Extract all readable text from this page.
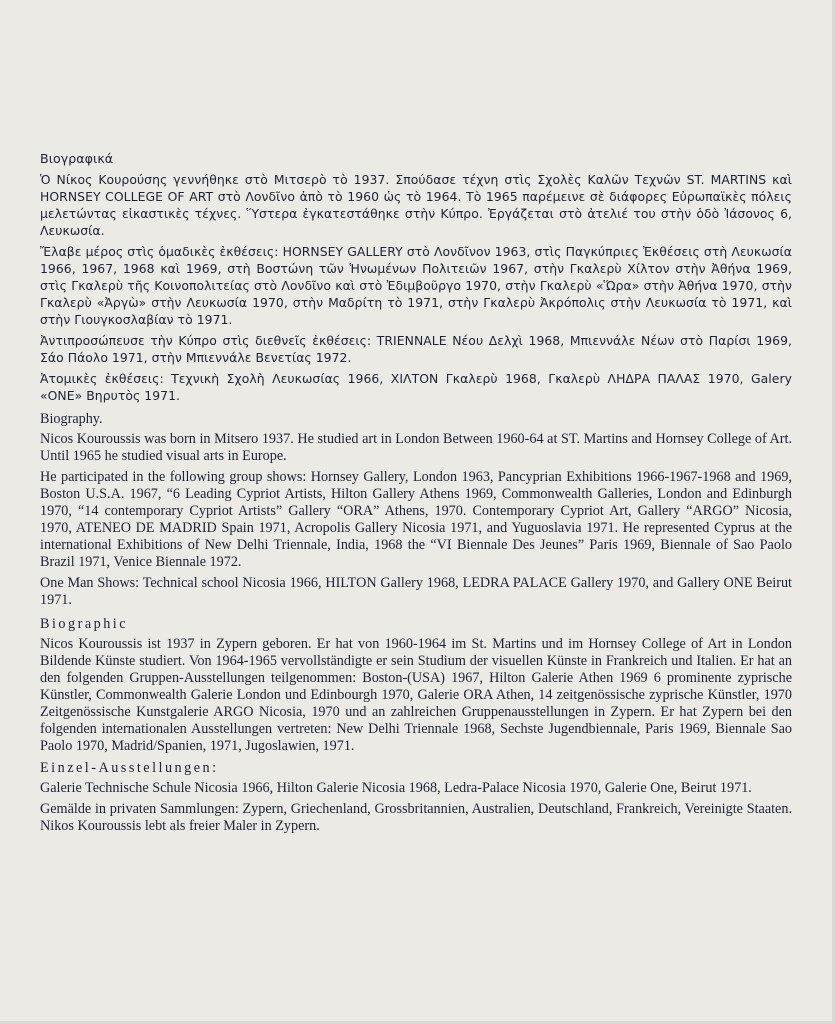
Βιογραφικά

Ὁ Νίκος Κουρούσης γεννήθηκε στὸ Μιτσερὸ τὸ 1937. Σπούδασε τέχνη στὶς Σχολὲς Καλῶν Τεχνῶν ST. MARTINS καὶ HORNSEY COLLEGE OF ART στὸ Λονδῖνο ἀπὸ τὸ 1960 ὡς τὸ 1964. Τὸ 1965 παρέμεινε σὲ διάφορες Εὐρωπαϊκὲς πόλεις μελετώντας εἰκαστικὲς τέχνες. Ὕστερα ἐγκατεστάθηκε στὴν Κύπρο. Ἐργάζεται στὸ ἀτελιέ του στὴν ὁδὸ Ἰάσονος 6, Λευκωσία.

Ἔλαβε μέρος στὶς ὁμαδικὲς ἐκθέσεις: HORNSEY GALLERY στὸ Λονδῖνον 1963, στὶς Παγκύπριες Ἐκθέσεις στὴ Λευκωσία 1966, 1967, 1968 καὶ 1969, στὴ Βοστώνη τῶν Ἡνωμένων Πολιτειῶν 1967, στὴν Γκαλερὺ Χίλτον στὴν Ἀθήνα 1969, στὶς Γκαλερὺ τῆς Κοινοπολιτείας στὸ Λονδῖνο καὶ στὸ Ἐδιμβοῦργο 1970, στὴν Γκαλερὺ «Ὥρα» στὴν Ἀθήνα 1970, στὴν Γκαλερὺ «Ἀργὼ» στὴν Λευκωσία 1970, στὴν Μαδρίτη τὸ 1971, στὴν Γκαλερὺ Ἀκρόπολις στὴν Λευκωσία τὸ 1971, καὶ στὴν Γιουγκοσλαβίαν τὸ 1971.

Ἀντιπροσώπευσε τὴν Κύπρο στὶς διεθνεῖς ἐκθέσεις: TRIENNALE Νέου Δελχὶ 1968, Μπιεννάλε Νέων στὸ Παρίσι 1969, Σάο Πάολο 1971, στὴν Μπιεννάλε Βενετίας 1972.

Ἀτομικὲς ἐκθέσεις: Τεχνικὴ Σχολὴ Λευκωσίας 1966, ΧΙΛΤΟΝ Γκαλερὺ 1968, Γκαλερὺ ΛΗΔΡΑ ΠΑΛΑΣ 1970, Galery «ONE» Βηρυτὸς 1971.

Biography.

Nicos Kouroussis was born in Mitsero 1937. He studied art in London Between 1960-64 at ST. Martins and Hornsey College of Art. Until 1965 he studied visual arts in Europe.

He participated in the following group shows: Hornsey Gallery, London 1963, Pancyprian Exhibitions 1966-1967-1968 and 1969, Boston U.S.A. 1967, “6 Leading Cypriot Artists, Hilton Gallery Athens 1969, Commonwealth Galleries, London and Edinburgh 1970, “14 contemporary Cypriot Artists” Gallery “ORA” Athens, 1970. Contemporary Cypriot Art, Gallery “ARGO” Nicosia, 1970, ATENEO DE MADRID Spain 1971, Acropolis Gallery Nicosia 1971, and Yuguoslavia 1971. He represented Cyprus at the international Exhibitions of New Delhi Triennale, India, 1968 the “VI Biennale Des Jeunes” Paris 1969, Biennale of Sao Paolo Brazil 1971, Venice Biennale 1972.

One Man Shows: Technical school Nicosia 1966, HILTON Gallery 1968, LEDRA PALACE Gallery 1970, and Gallery ONE Beirut 1971.

Biographic

Nicos Kouroussis ist 1937 in Zypern geboren. Er hat von 1960-1964 im St. Martins und im Hornsey College of Art in London Bildende Künste studiert. Von 1964-1965 vervollständigte er sein Studium der visuellen Künste in Frankreich und Italien. Er hat an den folgenden Gruppen-Ausstellungen teilgenommen: Boston-(USA) 1967, Hilton Galerie Athen 1969 6 prominente zyprische Künstler, Commonwealth Galerie London und Edinbourgh 1970, Galerie ORA Athen, 14 zeitgenössische zyprische Künstler, 1970 Zeitgenössische Kunstgalerie ARGO Nicosia, 1970 und an zahlreichen Gruppenausstellungen in Zypern. Er hat Zypern bei den folgenden internationalen Ausstellungen vertreten: New Delhi Triennale 1968, Sechste Jugendbiennale, Paris 1969, Biennale Sao Paolo 1970, Madrid/Spanien, 1971, Jugoslawien, 1971.

Einzel-Ausstellungen:

Galerie Technische Schule Nicosia 1966, Hilton Galerie Nicosia 1968, Ledra-Palace Nicosia 1970, Galerie One, Beirut 1971.

Gemälde in privaten Sammlungen: Zypern, Griechenland, Grossbritannien, Australien, Deutschland, Frankreich, Vereinigte Staaten. Nikos Kouroussis lebt als freier Maler in Zypern.
